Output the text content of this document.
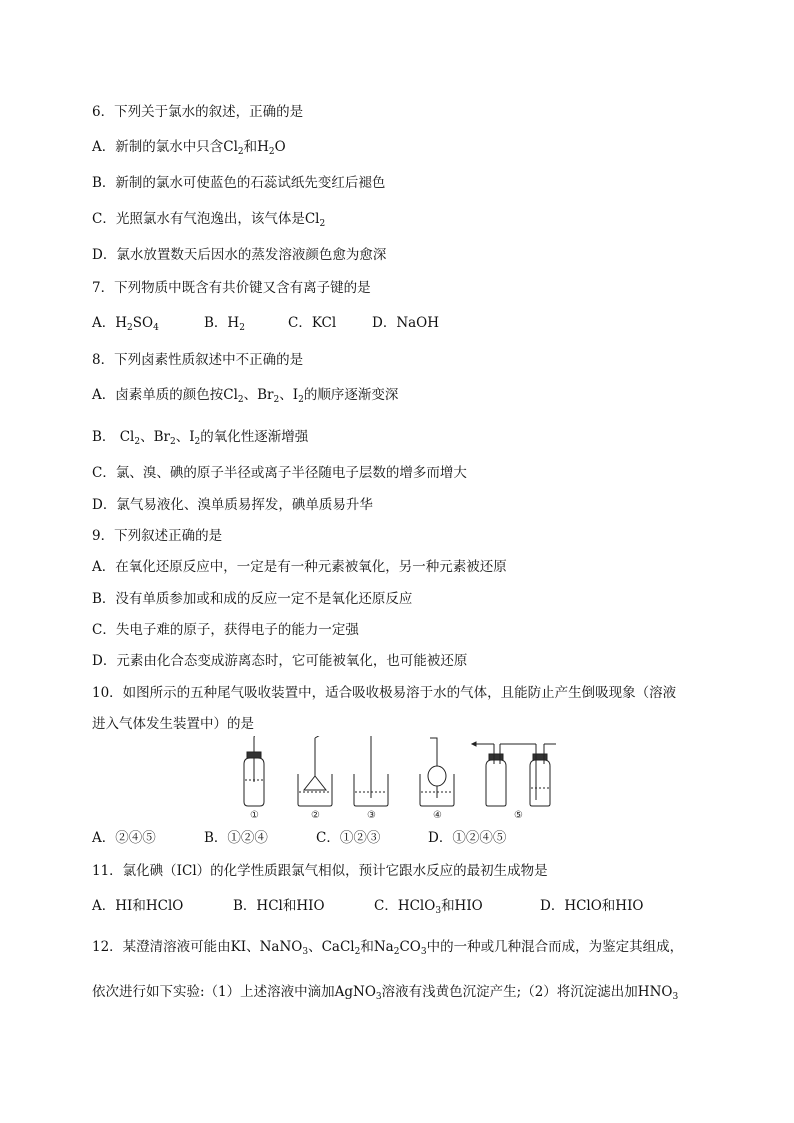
6．下列关于氯水的叙述，正确的是
A．新制的氯水中只含$Cl_2$和$H_2O$
B．新制的氯水可使蓝色的石蕊试纸先变红后褪色
C．光照氯水有气泡逸出，该气体是$Cl_2$
D．氯水放置数天后因水的蒸发溶液颜色愈为愈深
7．下列物质中既含有共价键又含有离子键的是
A．$H_2SO_4$	B．$H_2$	C．KCl	D．NaOH
8．下列卤素性质叙述中不正确的是
A．卤素单质的颜色按$Cl_2$、$Br_2$、$I_2$的顺序逐渐变深
B． $Cl_2$、$Br_2$、$I_2$的氧化性逐渐增强
C．氯、溴、碘的原子半径或离子半径随电子层数的增多而增大
D．氯气易液化、溴单质易挥发，碘单质易升华
9．下列叙述正确的是
A．在氧化还原反应中，一定是有一种元素被氧化，另一种元素被还原
B．没有单质参加或和成的反应一定不是氧化还原反应
C．失电子难的原子，获得电子的能力一定强
D．元素由化合态变成游离态时，它可能被氧化，也可能被还原
10．如图所示的五种尾气吸收装置中，适合吸收极易溶于水的气体，且能防止产生倒吸现象（溶液
进入气体发生装置中）的是
①	②	③	④	⑤
A．②④⑤	B．①②④	C．①②③	D．①②④⑤
11．氯化碘（ICl）的化学性质跟氯气相似，预计它跟水反应的最初生成物是
A．HI和HClO	B．HCl和HIO	C．HClO$_3$和HIO	D．HClO和HIO
12．某澄清溶液可能由KI、NaNO$_3$、CaCl$_2$和$Na_2CO_3$中的一种或几种混合而成，为鉴定其组成，
依次进行如下实验:（1）上述溶液中滴加AgNO$_3$溶液有浅黄色沉淀产生;（2）将沉淀滤出加$HNO_3$
